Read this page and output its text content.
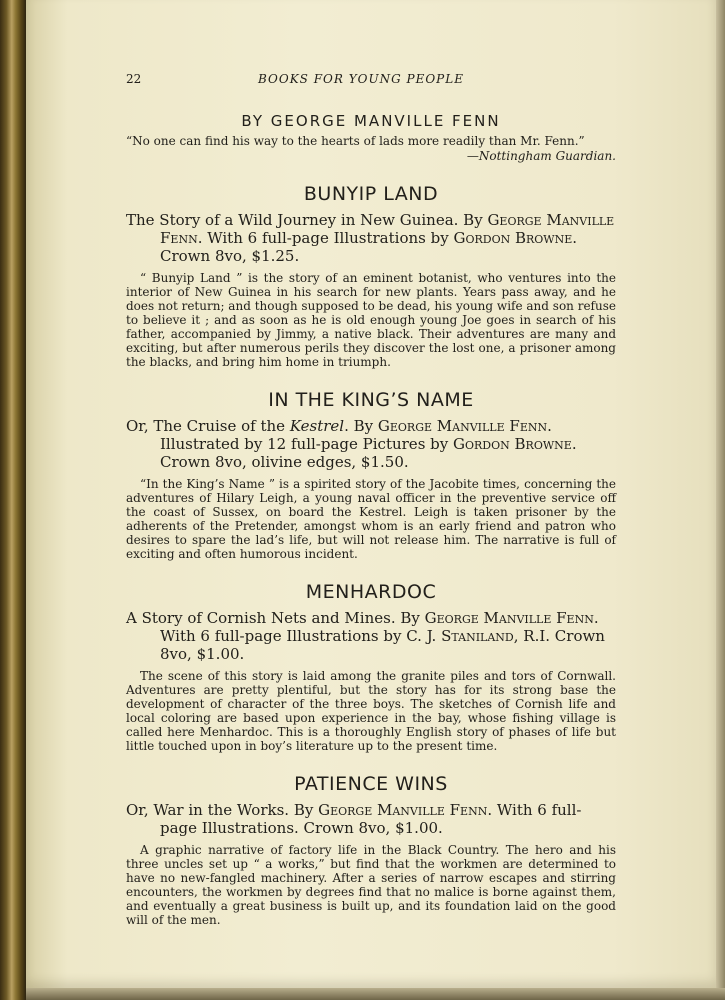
22	BOOKS FOR YOUNG PEOPLE
BY GEORGE MANVILLE FENN
“No one can find his way to the hearts of lads more readily than Mr. Fenn.”
—Nottingham Guardian.
BUNYIP LAND
The Story of a Wild Journey in New Guinea. By George Manville Fenn. With 6 full-page Illustrations by Gordon Browne. Crown 8vo, $1.25.
“ Bunyip Land ” is the story of an eminent botanist, who ventures into the interior of New Guinea in his search for new plants. Years pass away, and he does not return; and though supposed to be dead, his young wife and son refuse to believe it ; and as soon as he is old enough young Joe goes in search of his father, accompanied by Jimmy, a native black. Their adventures are many and exciting, but after numerous perils they discover the lost one, a prisoner among the blacks, and bring him home in triumph.
IN THE KING’S NAME
Or, The Cruise of the Kestrel. By George Manville Fenn. Illustrated by 12 full-page Pictures by Gordon Browne. Crown 8vo, olivine edges, $1.50.
“In the King’s Name ” is a spirited story of the Jacobite times, concerning the adventures of Hilary Leigh, a young naval officer in the preventive service off the coast of Sussex, on board the Kestrel. Leigh is taken prisoner by the adherents of the Pretender, amongst whom is an early friend and patron who desires to spare the lad’s life, but will not release him. The narrative is full of exciting and often humorous incident.
MENHARDOC
A Story of Cornish Nets and Mines. By George Manville Fenn. With 6 full-page Illustrations by C. J. Staniland, R.I. Crown 8vo, $1.00.
The scene of this story is laid among the granite piles and tors of Cornwall. Adventures are pretty plentiful, but the story has for its strong base the development of character of the three boys. The sketches of Cornish life and local coloring are based upon experience in the bay, whose fishing village is called here Menhardoc. This is a thoroughly English story of phases of life but little touched upon in boy’s literature up to the present time.
PATIENCE WINS
Or, War in the Works. By George Manville Fenn. With 6 full-page Illustrations. Crown 8vo, $1.00.
A graphic narrative of factory life in the Black Country. The hero and his three uncles set up “ a works,” but find that the workmen are determined to have no new-fangled machinery. After a series of narrow escapes and stirring encounters, the workmen by degrees find that no malice is borne against them, and eventually a great business is built up, and its foundation laid on the good will of the men.
